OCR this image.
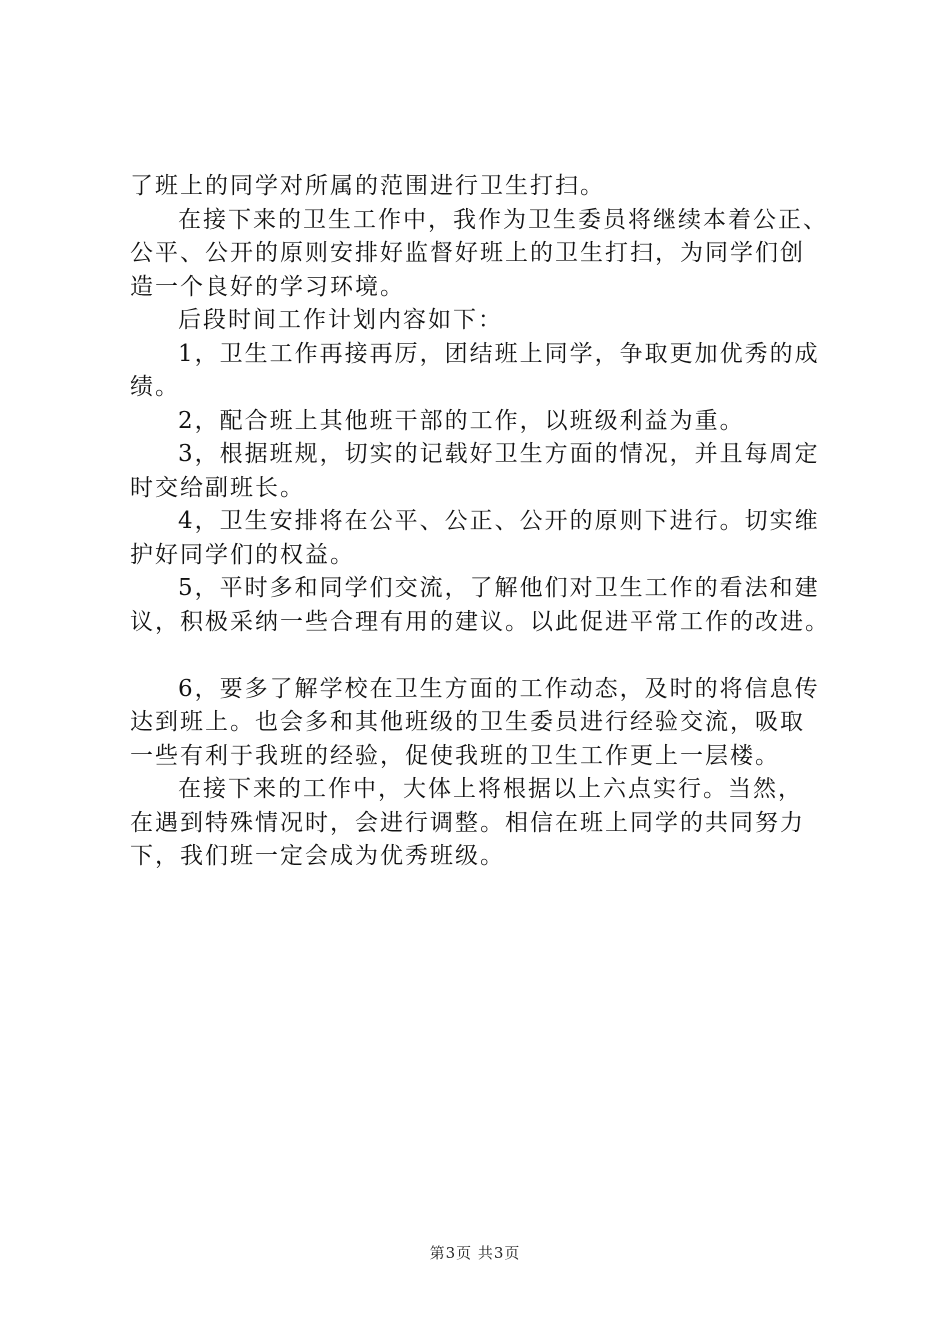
了班上的同学对所属的范围进行卫生打扫。
在接下来的卫生工作中，我作为卫生委员将继续本着公正、
公平、公开的原则安排好监督好班上的卫生打扫，为同学们创
造一个良好的学习环境。
后段时间工作计划内容如下：
1，卫生工作再接再厉，团结班上同学，争取更加优秀的成
绩。
2，配合班上其他班干部的工作，以班级利益为重。
3，根据班规，切实的记载好卫生方面的情况，并且每周定
时交给副班长。
4，卫生安排将在公平、公正、公开的原则下进行。切实维
护好同学们的权益。
5，平时多和同学们交流，了解他们对卫生工作的看法和建
议，积极采纳一些合理有用的建议。以此促进平常工作的改进。
6，要多了解学校在卫生方面的工作动态，及时的将信息传
达到班上。也会多和其他班级的卫生委员进行经验交流，吸取
一些有利于我班的经验，促使我班的卫生工作更上一层楼。
在接下来的工作中，大体上将根据以上六点实行。当然，
在遇到特殊情况时，会进行调整。相信在班上同学的共同努力
下，我们班一定会成为优秀班级。
第3页 共3页
